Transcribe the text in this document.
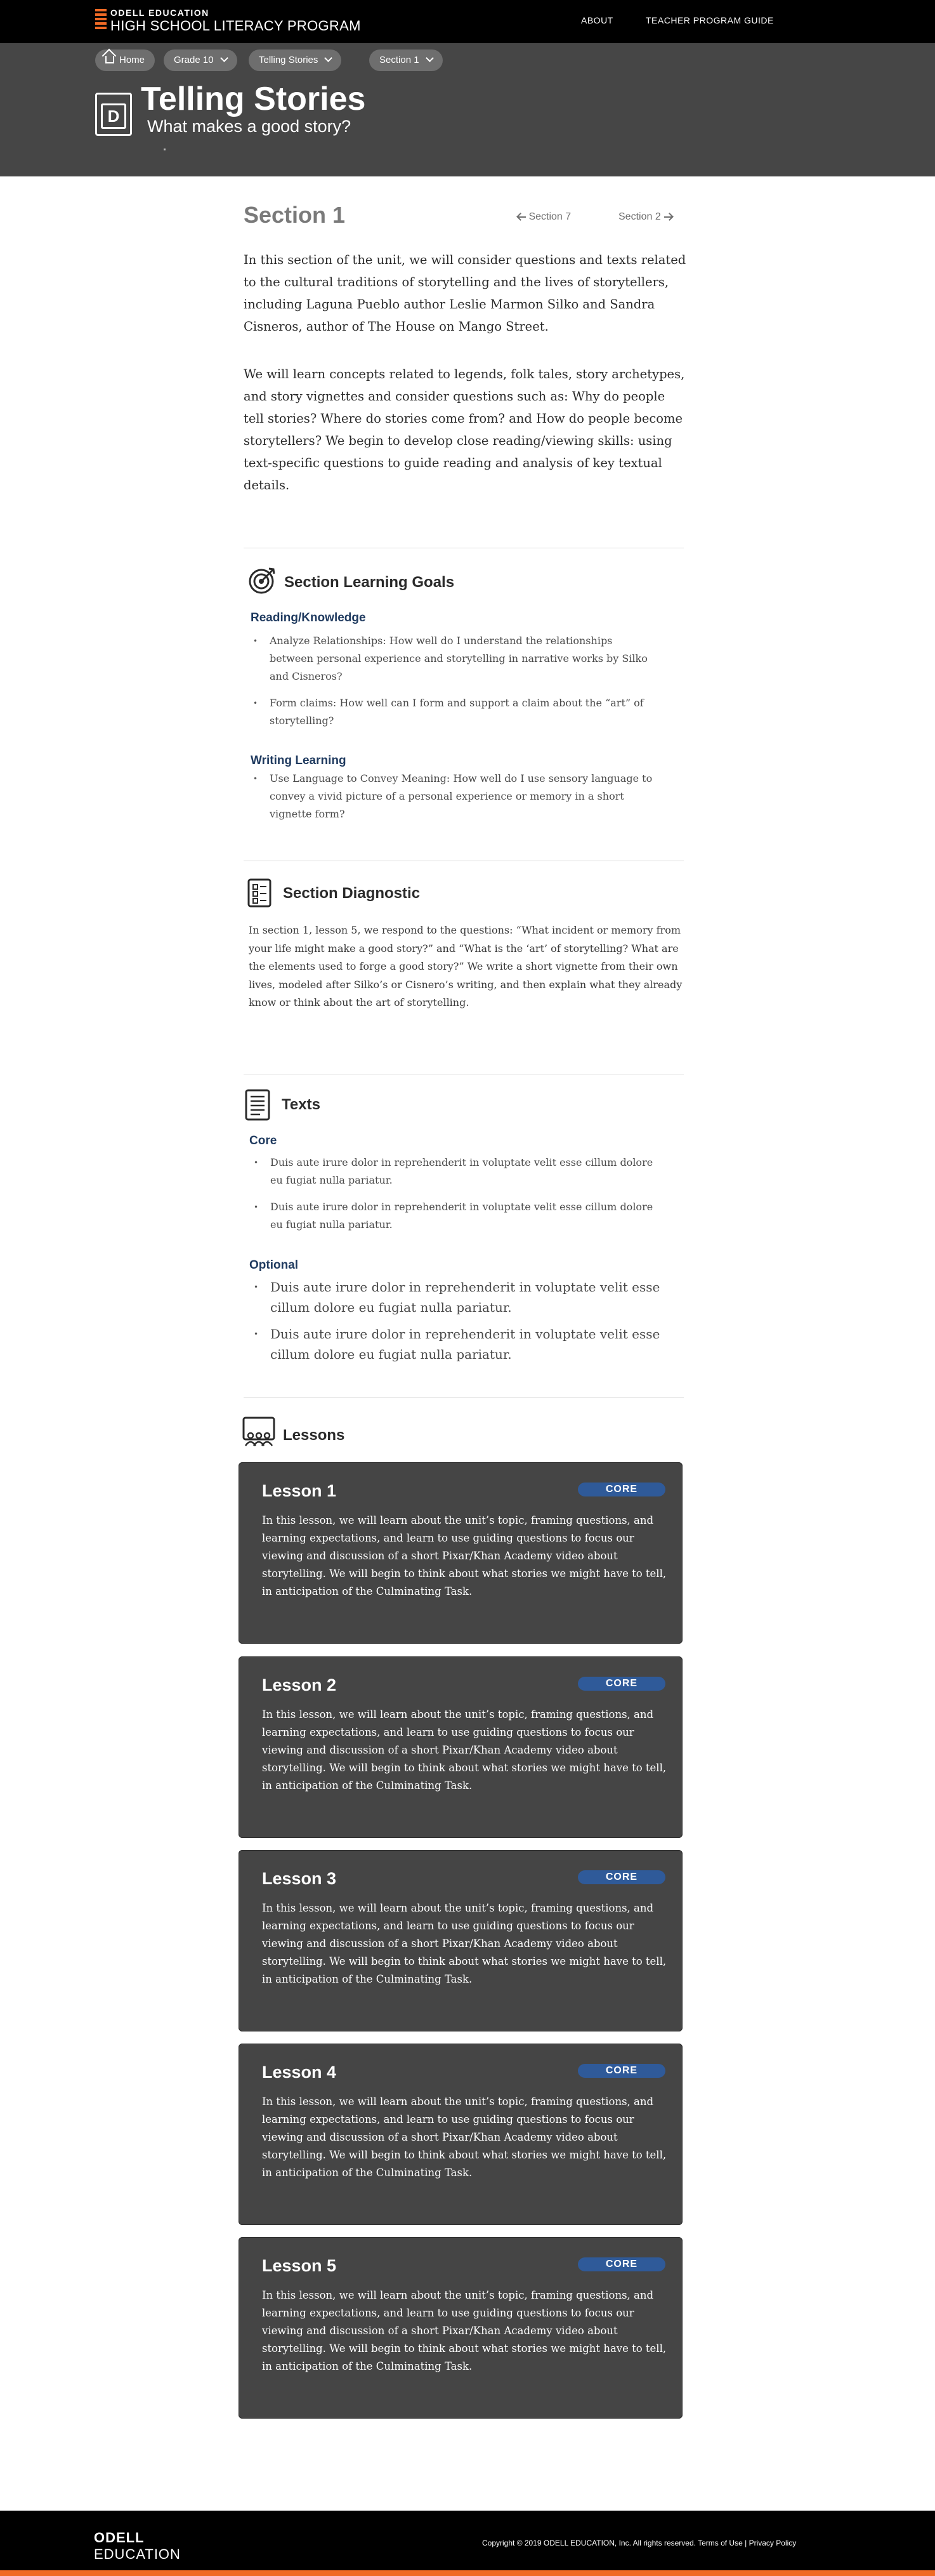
ODELL EDUCATION
HIGH SCHOOL LITERACY PROGRAM	ABOUT	TEACHER PROGRAM GUIDE
Home	Grade 10	Telling Stories	Section 1
D Telling Stories
What makes a good story?
Section 1	Section 7	Section 2

In this section of the unit, we will consider questions and texts related to the cultural traditions of storytelling and the lives of storytellers, including Laguna Pueblo author Leslie Marmon Silko and Sandra Cisneros, author of The House on Mango Street.

We will learn concepts related to legends, folk tales, story archetypes, and story vignettes and consider questions such as: Why do people tell stories? Where do stories come from? and How do people become storytellers? We begin to develop close reading/viewing skills: using text-specific questions to guide reading and analysis of key textual details.

Section Learning Goals
Reading/Knowledge
• Analyze Relationships: How well do I understand the relationships between personal experience and storytelling in narrative works by Silko and Cisneros?
• Form claims: How well can I form and support a claim about the “art” of storytelling?
Writing Learning
• Use Language to Convey Meaning: How well do I use sensory language to convey a vivid picture of a personal experience or memory in a short vignette form?
Section Diagnostic

In section 1, lesson 5, we respond to the questions: “What incident or memory from your life might make a good story?” and “What is the ‘art’ of storytelling? What are the elements used to forge a good story?” We write a short vignette from their own lives, modeled after Silko’s or Cisnero’s writing, and then explain what they already know or think about the art of storytelling.

Texts
Core
• Duis aute irure dolor in reprehenderit in voluptate velit esse cillum dolore eu fugiat nulla pariatur.
• Duis aute irure dolor in reprehenderit in voluptate velit esse cillum dolore eu fugiat nulla pariatur.
Optional
• Duis aute irure dolor in reprehenderit in voluptate velit esse cillum dolore eu fugiat nulla pariatur.
• Duis aute irure dolor in reprehenderit in voluptate velit esse cillum dolore eu fugiat nulla pariatur.
Lessons
Lesson 1	CORE

In this lesson, we will learn about the unit’s topic, framing questions, and learning expectations, and learn to use guiding questions to focus our viewing and discussion of a short Pixar/Khan Academy video about storytelling. We will begin to think about what stories we might have to tell, in anticipation of the Culminating Task.

Lesson 2	CORE

In this lesson, we will learn about the unit’s topic, framing questions, and learning expectations, and learn to use guiding questions to focus our viewing and discussion of a short Pixar/Khan Academy video about storytelling. We will begin to think about what stories we might have to tell, in anticipation of the Culminating Task.

Lesson 3	CORE

In this lesson, we will learn about the unit’s topic, framing questions, and learning expectations, and learn to use guiding questions to focus our viewing and discussion of a short Pixar/Khan Academy video about storytelling. We will begin to think about what stories we might have to tell, in anticipation of the Culminating Task.

Lesson 4	CORE

In this lesson, we will learn about the unit’s topic, framing questions, and learning expectations, and learn to use guiding questions to focus our viewing and discussion of a short Pixar/Khan Academy video about storytelling. We will begin to think about what stories we might have to tell, in anticipation of the Culminating Task.

Lesson 5	CORE

In this lesson, we will learn about the unit’s topic, framing questions, and learning expectations, and learn to use guiding questions to focus our viewing and discussion of a short Pixar/Khan Academy video about storytelling. We will begin to think about what stories we might have to tell, in anticipation of the Culminating Task.

ODELL
EDUCATION
Copyright © 2019 ODELL EDUCATION, Inc. All rights reserved. Terms of Use | Privacy Policy
